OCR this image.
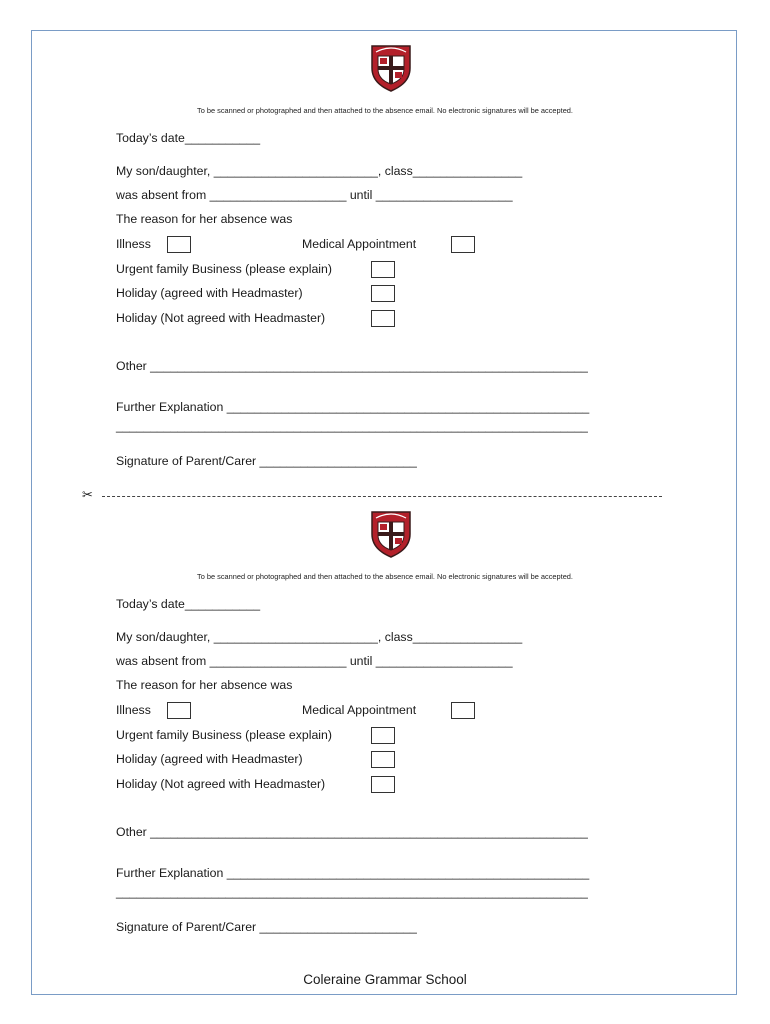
To be scanned or photographed and then attached to the absence email. No electronic signatures will be accepted.
Today’s date___________
My son/daughter, ________________________, class________________
was absent from ____________________ until ____________________
The reason for her absence was
Illness	Medical Appointment
Urgent family Business (please explain)
Holiday (agreed with Headmaster)
Holiday (Not agreed with Headmaster)
Other ________________________________________________________________
Further Explanation _____________________________________________________
_____________________________________________________________________
Signature of Parent/Carer _______________________
✂
To be scanned or photographed and then attached to the absence email. No electronic signatures will be accepted.
Today’s date___________
My son/daughter, ________________________, class________________
was absent from ____________________ until ____________________
The reason for her absence was
Illness	Medical Appointment
Urgent family Business (please explain)
Holiday (agreed with Headmaster)
Holiday (Not agreed with Headmaster)
Other ________________________________________________________________
Further Explanation _____________________________________________________
_____________________________________________________________________
Signature of Parent/Carer _______________________
Coleraine Grammar School
